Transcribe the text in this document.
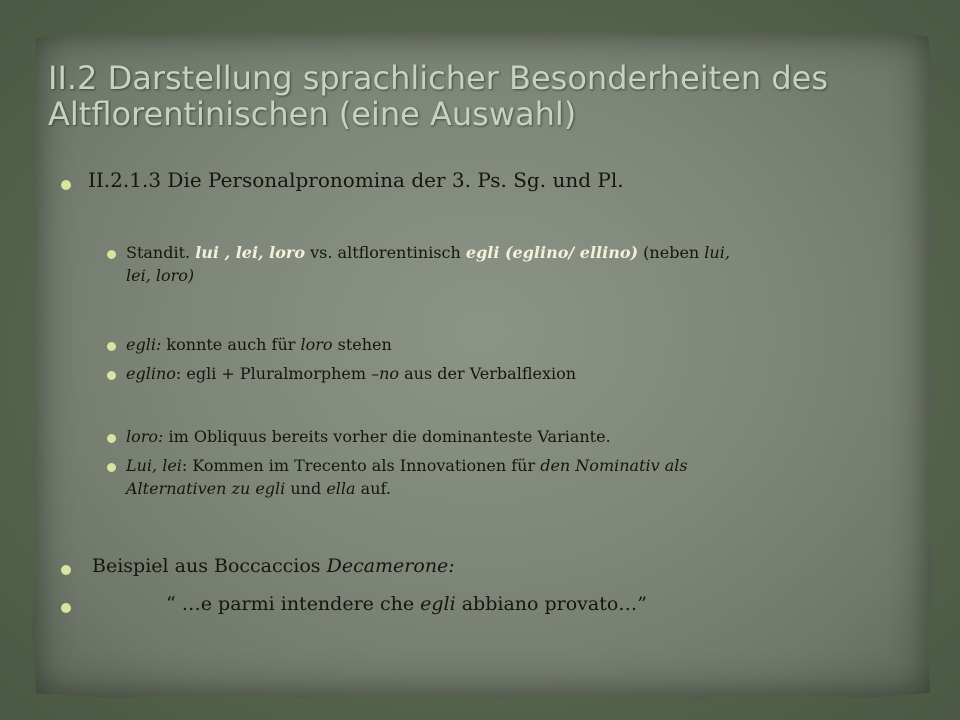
II.2 Darstellung sprachlicher Besonderheiten des Altflorentinischen (eine Auswahl)

II.2.1.3 Die Personalpronomina der 3. Ps. Sg. und Pl.

Standit. lui , lei, loro vs. altflorentinisch egli (eglino/ ellino) (neben lui,
lei, loro)

egli: konnte auch für loro stehen

eglino: egli + Pluralmorphem –no aus der Verbalflexion

loro: im Obliquus bereits vorher die dominanteste Variante.

Lui, lei: Kommen im Trecento als Innovationen für den Nominativ als
Alternativen zu egli und ella auf.

Beispiel aus Boccaccios Decamerone:

“ …e parmi intendere che egli abbiano provato…”
